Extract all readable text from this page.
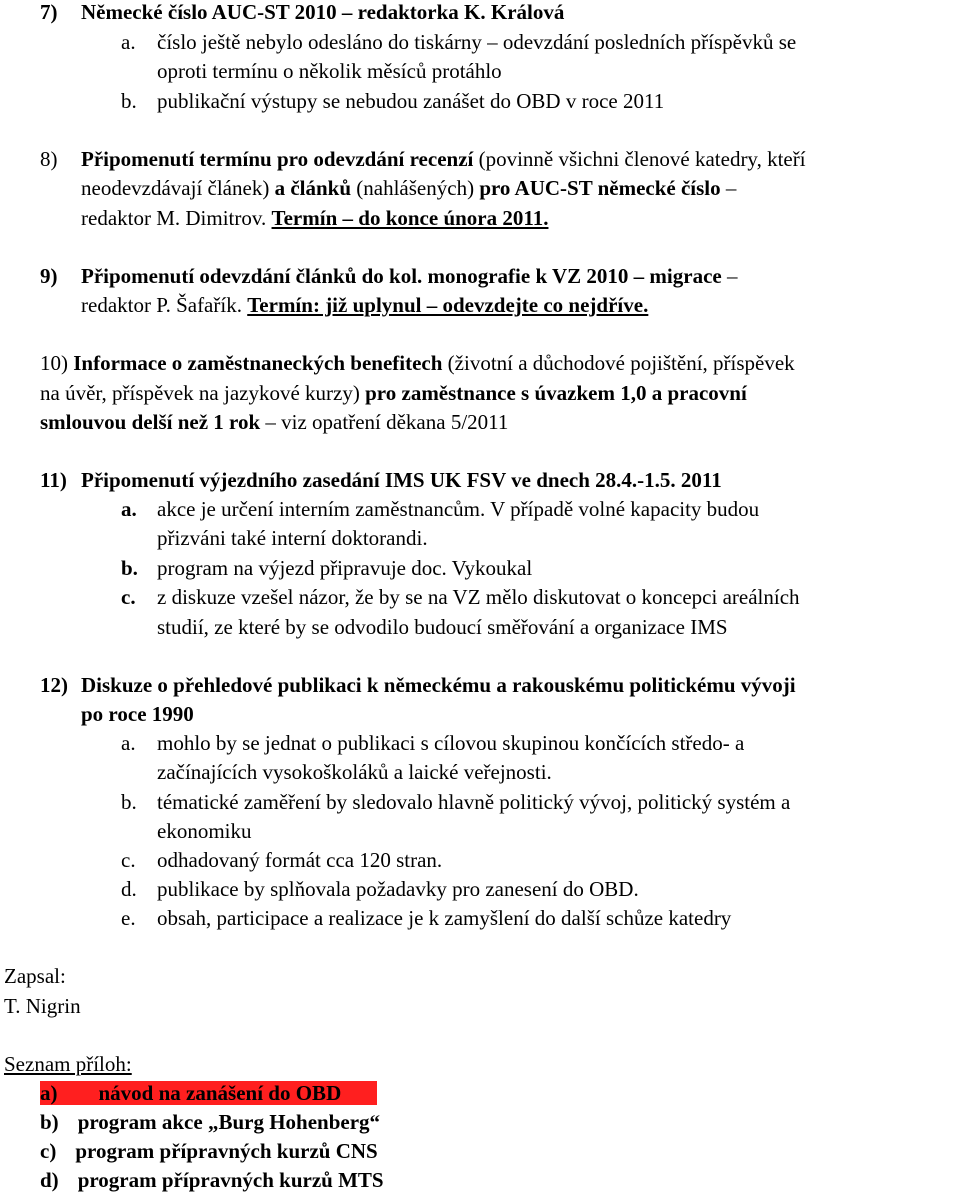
7) Německé číslo AUC-ST 2010 – redaktorka K. Králová
a. číslo ještě nebylo odesláno do tiskárny – odevzdání posledních příspěvků se
oproti termínu o několik měsíců protáhlo
b. publikační výstupy se nebudou zanášet do OBD v roce 2011
8) Připomenutí termínu pro odevzdání recenzí (povinně všichni členové katedry, kteří
neodevzdávají článek) a článků (nahlášených) pro AUC-ST německé číslo –
redaktor M. Dimitrov. Termín – do konce února 2011.
9) Připomenutí odevzdání článků do kol. monografie k VZ 2010 – migrace –
redaktor P. Šafařík. Termín: již uplynul – odevzdejte co nejdříve.
10) Informace o zaměstnaneckých benefitech (životní a důchodové pojištění, příspěvek
na úvěr, příspěvek na jazykové kurzy) pro zaměstnance s úvazkem 1,0 a pracovní
smlouvou delší než 1 rok – viz opatření děkana 5/2011
11) Připomenutí výjezdního zasedání IMS UK FSV ve dnech 28.4.-1.5. 2011
a. akce je určení interním zaměstnancům. V případě volné kapacity budou
přizváni také interní doktorandi.
b. program na výjezd připravuje doc. Vykoukal
c. z diskuze vzešel názor, že by se na VZ mělo diskutovat o koncepci areálních
studií, ze které by se odvodilo budoucí směřování a organizace IMS
12) Diskuze o přehledové publikaci k německému a rakouskému politickému vývoji
po roce 1990
a. mohlo by se jednat o publikaci s cílovou skupinou končících středo- a
začínajících vysokoškoláků a laické veřejnosti.
b. tématické zaměření by sledovalo hlavně politický vývoj, politický systém a
ekonomiku
c. odhadovaný formát cca 120 stran.
d. publikace by splňovala požadavky pro zanesení do OBD.
e. obsah, participace a realizace je k zamyšlení do další schůze katedry
Zapsal:
T. Nigrin
Seznam příloh:
a) návod na zanášení do OBD
b) program akce „Burg Hohenberg“
c) program přípravných kurzů CNS
d) program přípravných kurzů MTS
